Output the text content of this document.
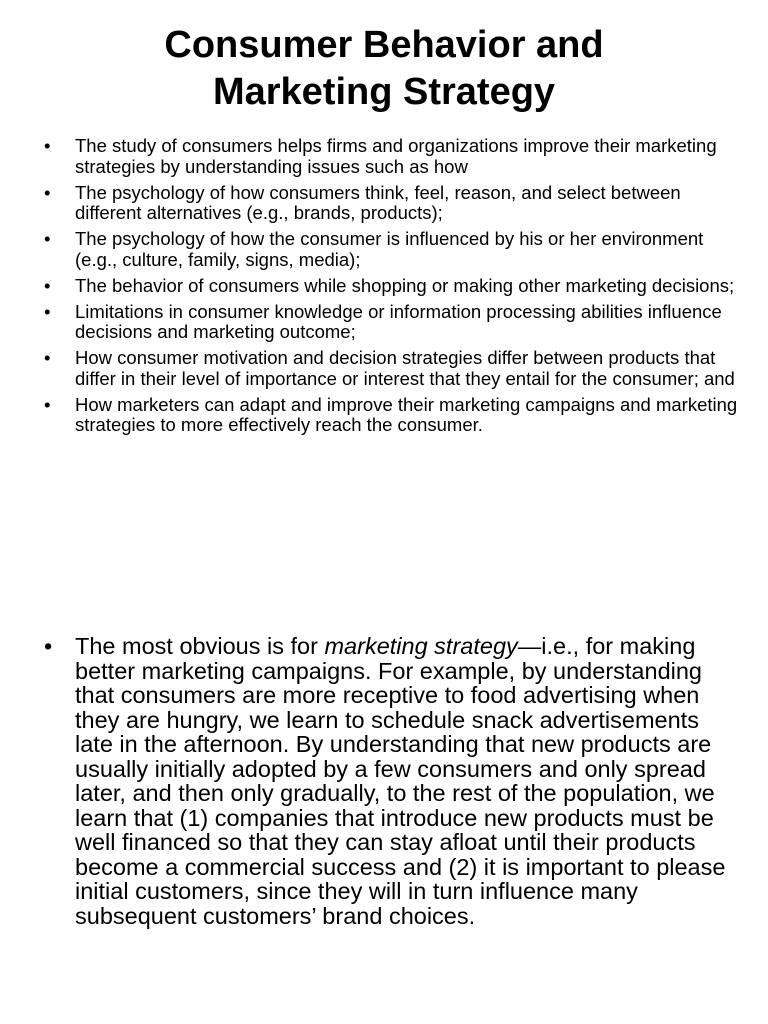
Consumer Behavior and
Marketing Strategy
• The study of consumers helps firms and organizations improve their marketing strategies by understanding issues such as how
• The psychology of how consumers think, feel, reason, and select between different alternatives (e.g., brands, products);
• The psychology of how the consumer is influenced by his or her environment (e.g., culture, family, signs, media);
• The behavior of consumers while shopping or making other marketing decisions;
• Limitations in consumer knowledge or information processing abilities influence decisions and marketing outcome;
• How consumer motivation and decision strategies differ between products that differ in their level of importance or interest that they entail for the consumer; and
• How marketers can adapt and improve their marketing campaigns and marketing strategies to more effectively reach the consumer.
• The most obvious is for marketing strategy—i.e., for making better marketing campaigns. For example, by understanding that consumers are more receptive to food advertising when they are hungry, we learn to schedule snack advertisements late in the afternoon. By understanding that new products are usually initially adopted by a few consumers and only spread later, and then only gradually, to the rest of the population, we learn that (1) companies that introduce new products must be well financed so that they can stay afloat until their products become a commercial success and (2) it is important to please initial customers, since they will in turn influence many subsequent customers’ brand choices.
